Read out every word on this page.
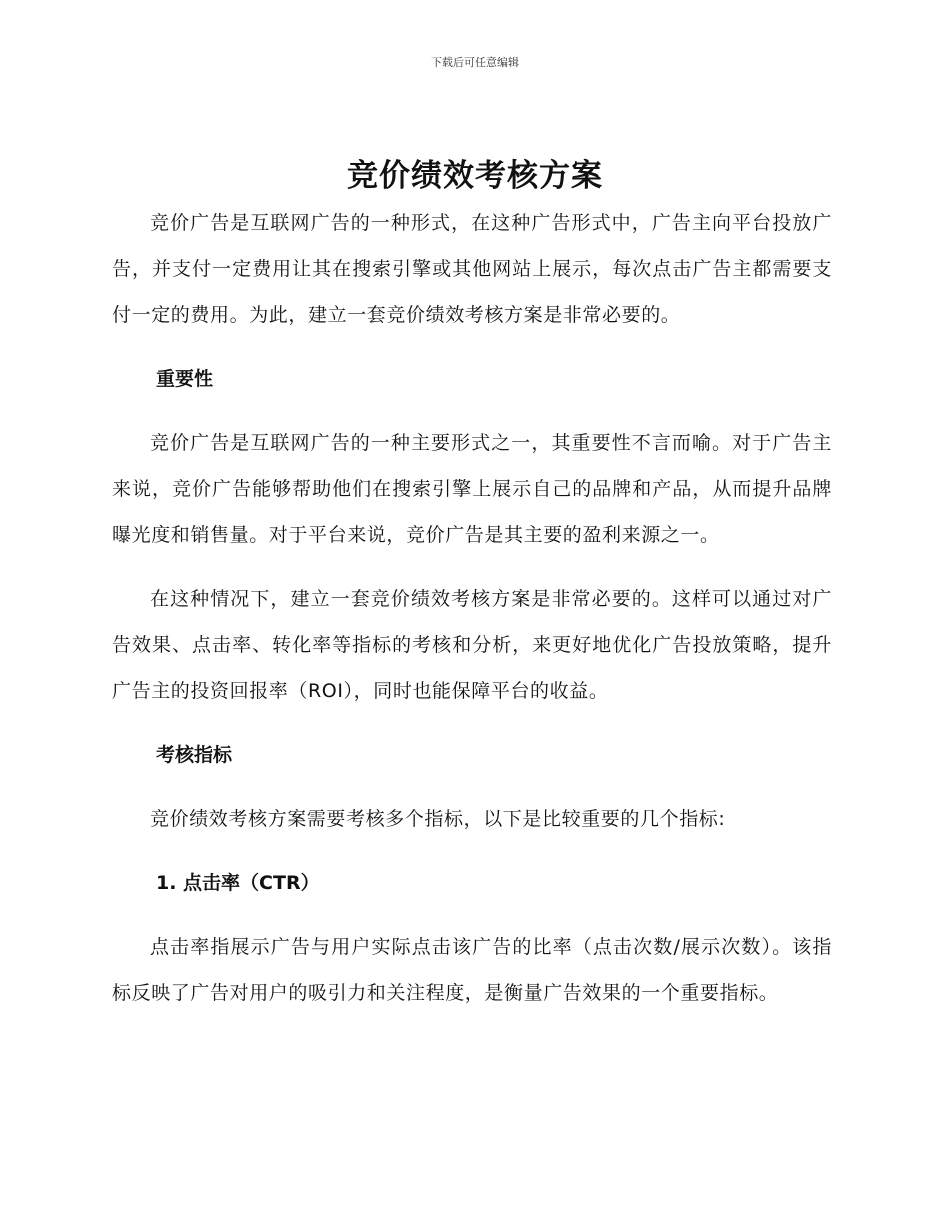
下载后可任意编辑
竞价绩效考核方案

竞价广告是互联网广告的一种形式，在这种广告形式中，广告主向平台投放广告，并支付一定费用让其在搜索引擎或其他网站上展示，每次点击广告主都需要支付一定的费用。为此，建立一套竞价绩效考核方案是非常必要的。

重要性

竞价广告是互联网广告的一种主要形式之一，其重要性不言而喻。对于广告主来说，竞价广告能够帮助他们在搜索引擎上展示自己的品牌和产品，从而提升品牌曝光度和销售量。对于平台来说，竞价广告是其主要的盈利来源之一。

在这种情况下，建立一套竞价绩效考核方案是非常必要的。这样可以通过对广告效果、点击率、转化率等指标的考核和分析，来更好地优化广告投放策略，提升广告主的投资回报率（ROI），同时也能保障平台的收益。

考核指标

竞价绩效考核方案需要考核多个指标，以下是比较重要的几个指标:

1. 点击率（CTR）

点击率指展示广告与用户实际点击该广告的比率（点击次数/展示次数）。该指标反映了广告对用户的吸引力和关注程度，是衡量广告效果的一个重要指标。
